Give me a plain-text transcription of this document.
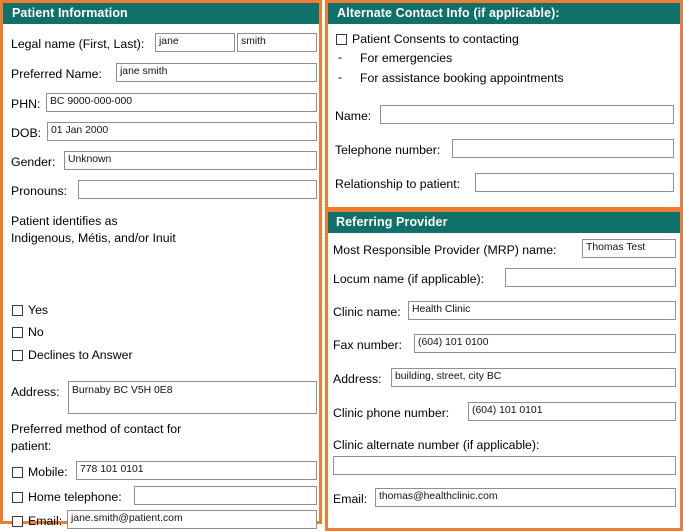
Patient Information
Legal name (First, Last):	jane	smith
Preferred Name:	jane smith
PHN: BC 9000-000-000
DOB: 01 Jan 2000
Gender:	Unknown
Pronouns:
Patient identifies as
Indigenous, Métis, and/or Inuit
Yes
No
Declines to Answer
Address:	Burnaby BC V5H 0E8
Preferred method of contact for
patient:
Mobile:	778 101 0101
Home telephone:
Email: jane.smith@patient.com
Alternate Contact Info (if applicable):
Patient Consents to contacting
- For emergencies
- For assistance booking appointments
Name:
Telephone number:
Relationship to patient:
Referring Provider
Most Responsible Provider (MRP) name:	Thomas Test
Locum name (if applicable):
Clinic name:	Health Clinic
Fax number:	(604) 101 0100
Address:	building, street, city BC
Clinic phone number:	(604) 101 0101
Clinic alternate number (if applicable):
Email:	thomas@healthclinic.com
